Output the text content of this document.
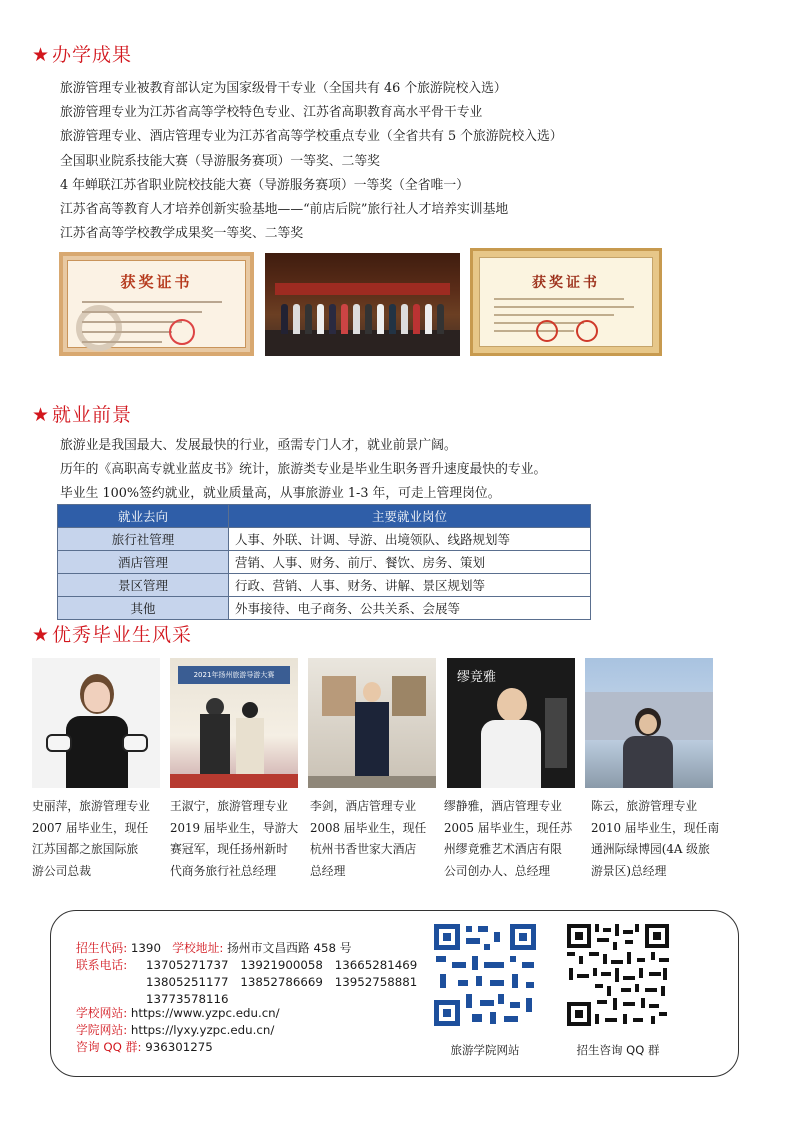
★ 办学成果
旅游管理专业被教育部认定为国家级骨干专业（全国共有 46 个旅游院校入选）
旅游管理专业为江苏省高等学校特色专业、江苏省高职教育高水平骨干专业
旅游管理专业、酒店管理专业为江苏省高等学校重点专业（全省共有 5 个旅游院校入选）
全国职业院系技能大赛（导游服务赛项）一等奖、二等奖
4 年蝉联江苏省职业院校技能大赛（导游服务赛项）一等奖（全省唯一）
江苏省高等教育人才培养创新实验基地——“前店后院”旅行社人才培养实训基地
江苏省高等学校教学成果奖一等奖、二等奖
获奖证书	获奖证书
★ 就业前景
旅游业是我国最大、发展最快的行业，亟需专门人才，就业前景广阔。
历年的《高职高专就业蓝皮书》统计，旅游类专业是毕业生职务晋升速度最快的专业。
毕业生 100%签约就业，就业质量高，从事旅游业 1-3 年，可走上管理岗位。
就业去向	主要就业岗位
旅行社管理	人事、外联、计调、导游、出境领队、线路规划等
酒店管理	营销、人事、财务、前厅、餐饮、房务、策划
景区管理	行政、营销、人事、财务、讲解、景区规划等
其他	外事接待、电子商务、公共关系、会展等
★ 优秀毕业生风采
2021年扬州旅游导游大赛	缪竟雅
史丽萍，旅游管理专业
2007 届毕业生，现任
江苏国都之旅国际旅
游公司总裁
王淑宁，旅游管理专业
2019 届毕业生，导游大
赛冠军，现任扬州新时
代商务旅行社总经理
李剑，酒店管理专业
2008 届毕业生，现任
杭州书香世家大酒店
总经理
缪静雅，酒店管理专业
2005 届毕业生，现任苏
州缪竟雅艺术酒店有限
公司创办人、总经理
陈云，旅游管理专业
2010 届毕业生，现任南
通洲际绿博园(4A 级旅
游景区)总经理
招生代码: 1390 学校地址: 扬州市文昌西路 458 号
联系电话: 13705271737　13921900058　13665281469
13805251177　13852786669　13952758881
13773578116
学校网站: https://www.yzpc.edu.cn/
学院网站: https://lyxy.yzpc.edu.cn/
咨询 QQ 群: 936301275	旅游学院网站	招生咨询 QQ 群
